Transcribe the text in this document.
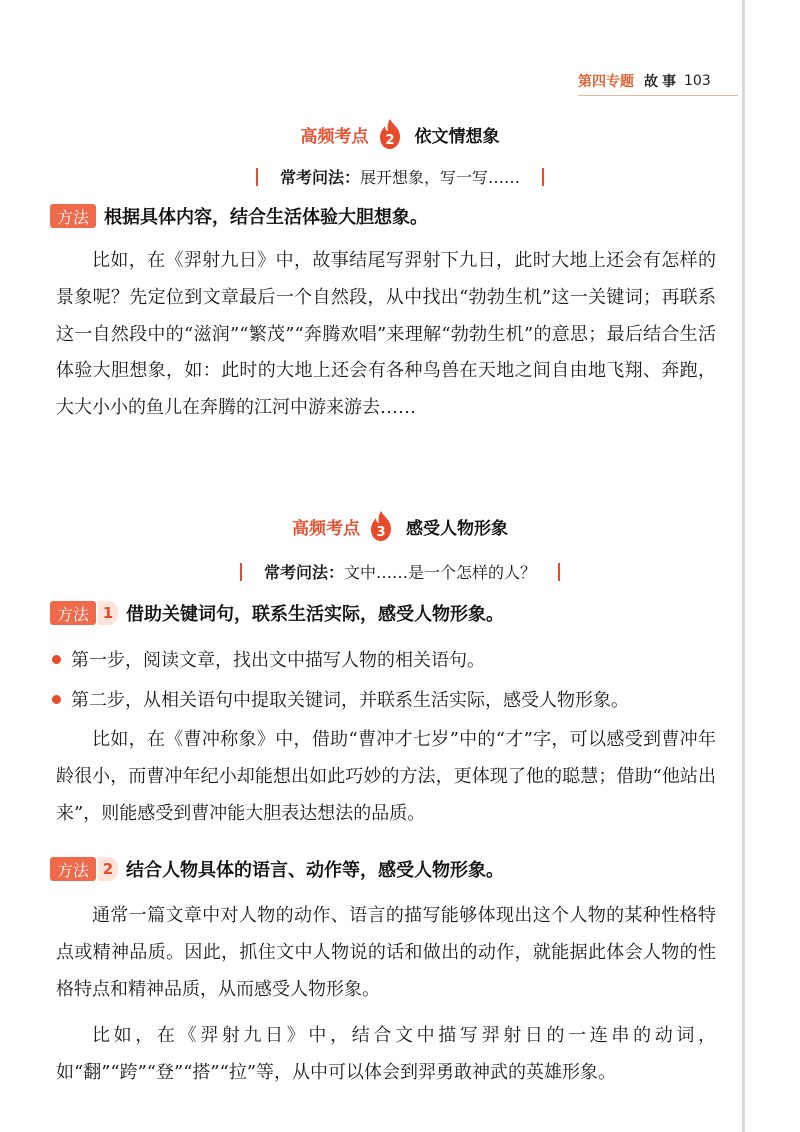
第四专题 故事 103
高频考点 2 依文情想象
常考问法： 展开想象，写一写……
方法 根据具体内容，结合生活体验大胆想象。
比如，在《羿射九日》中，故事结尾写羿射下九日，此时大地上还会有怎样的景象呢？先定位到文章最后一个自然段，从中找出“勃勃生机”这一关键词；再联系这一自然段中的“滋润”“繁茂”“奔腾欢唱”来理解“勃勃生机”的意思；最后结合生活体验大胆想象，如：此时的大地上还会有各种鸟兽在天地之间自由地飞翔、奔跑，大大小小的鱼儿在奔腾的江河中游来游去……
高频考点 3 感受人物形象
常考问法： 文中……是一个怎样的人？
方法 1 借助关键词句，联系生活实际，感受人物形象。
第一步，阅读文章，找出文中描写人物的相关语句。
第二步，从相关语句中提取关键词，并联系生活实际，感受人物形象。
比如，在《曹冲称象》中，借助“曹冲才七岁”中的“才”字，可以感受到曹冲年龄很小，而曹冲年纪小却能想出如此巧妙的方法，更体现了他的聪慧；借助“他站出来”，则能感受到曹冲能大胆表达想法的品质。
方法 2 结合人物具体的语言、动作等，感受人物形象。
通常一篇文章中对人物的动作、语言的描写能够体现出这个人物的某种性格特点或精神品质。因此，抓住文中人物说的话和做出的动作，就能据此体会人物的性格特点和精神品质，从而感受人物形象。
比如，在《羿射九日》中，结合文中描写羿射日的一连串的动词，如“翻”“跨”“登”“搭”“拉”等，从中可以体会到羿勇敢神武的英雄形象。
